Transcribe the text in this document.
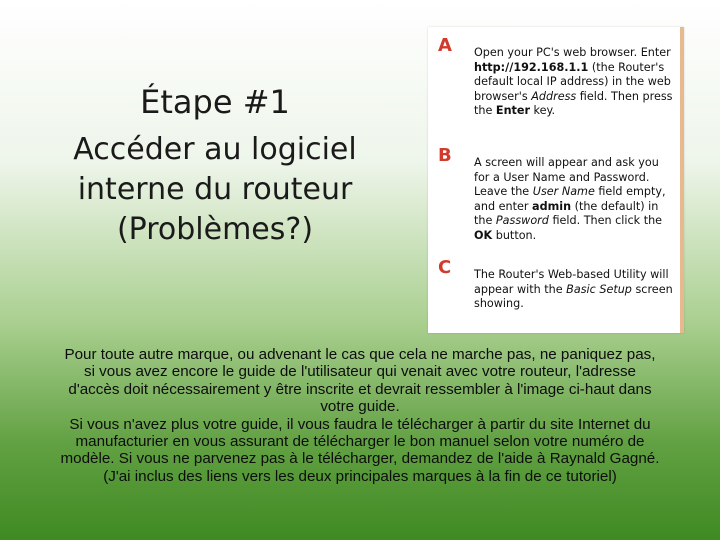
Étape #1
Accéder au logiciel interne du routeur (Problèmes?)
A Open your PC's web browser. Enter http://192.168.1.1 (the Router's default local IP address) in the web browser's Address field. Then press the Enter key.
B A screen will appear and ask you for a User Name and Password. Leave the User Name field empty, and enter admin (the default) in the Password field. Then click the OK button.
C The Router's Web-based Utility will appear with the Basic Setup screen showing.

Pour toute autre marque, ou advenant le cas que cela ne marche pas, ne paniquez pas, si vous avez encore le guide de l'utilisateur qui venait avec votre routeur, l'adresse d'accès doit nécessairement y être inscrite et devrait ressembler à l'image ci-haut dans votre guide.

Si vous n'avez plus votre guide, il vous faudra le télécharger à partir du site Internet du manufacturier en vous assurant de télécharger le bon manuel selon votre numéro de modèle. Si vous ne parvenez pas à le télécharger, demandez de l'aide à Raynald Gagné. (J'ai inclus des liens vers les deux principales marques à la fin de ce tutoriel)
